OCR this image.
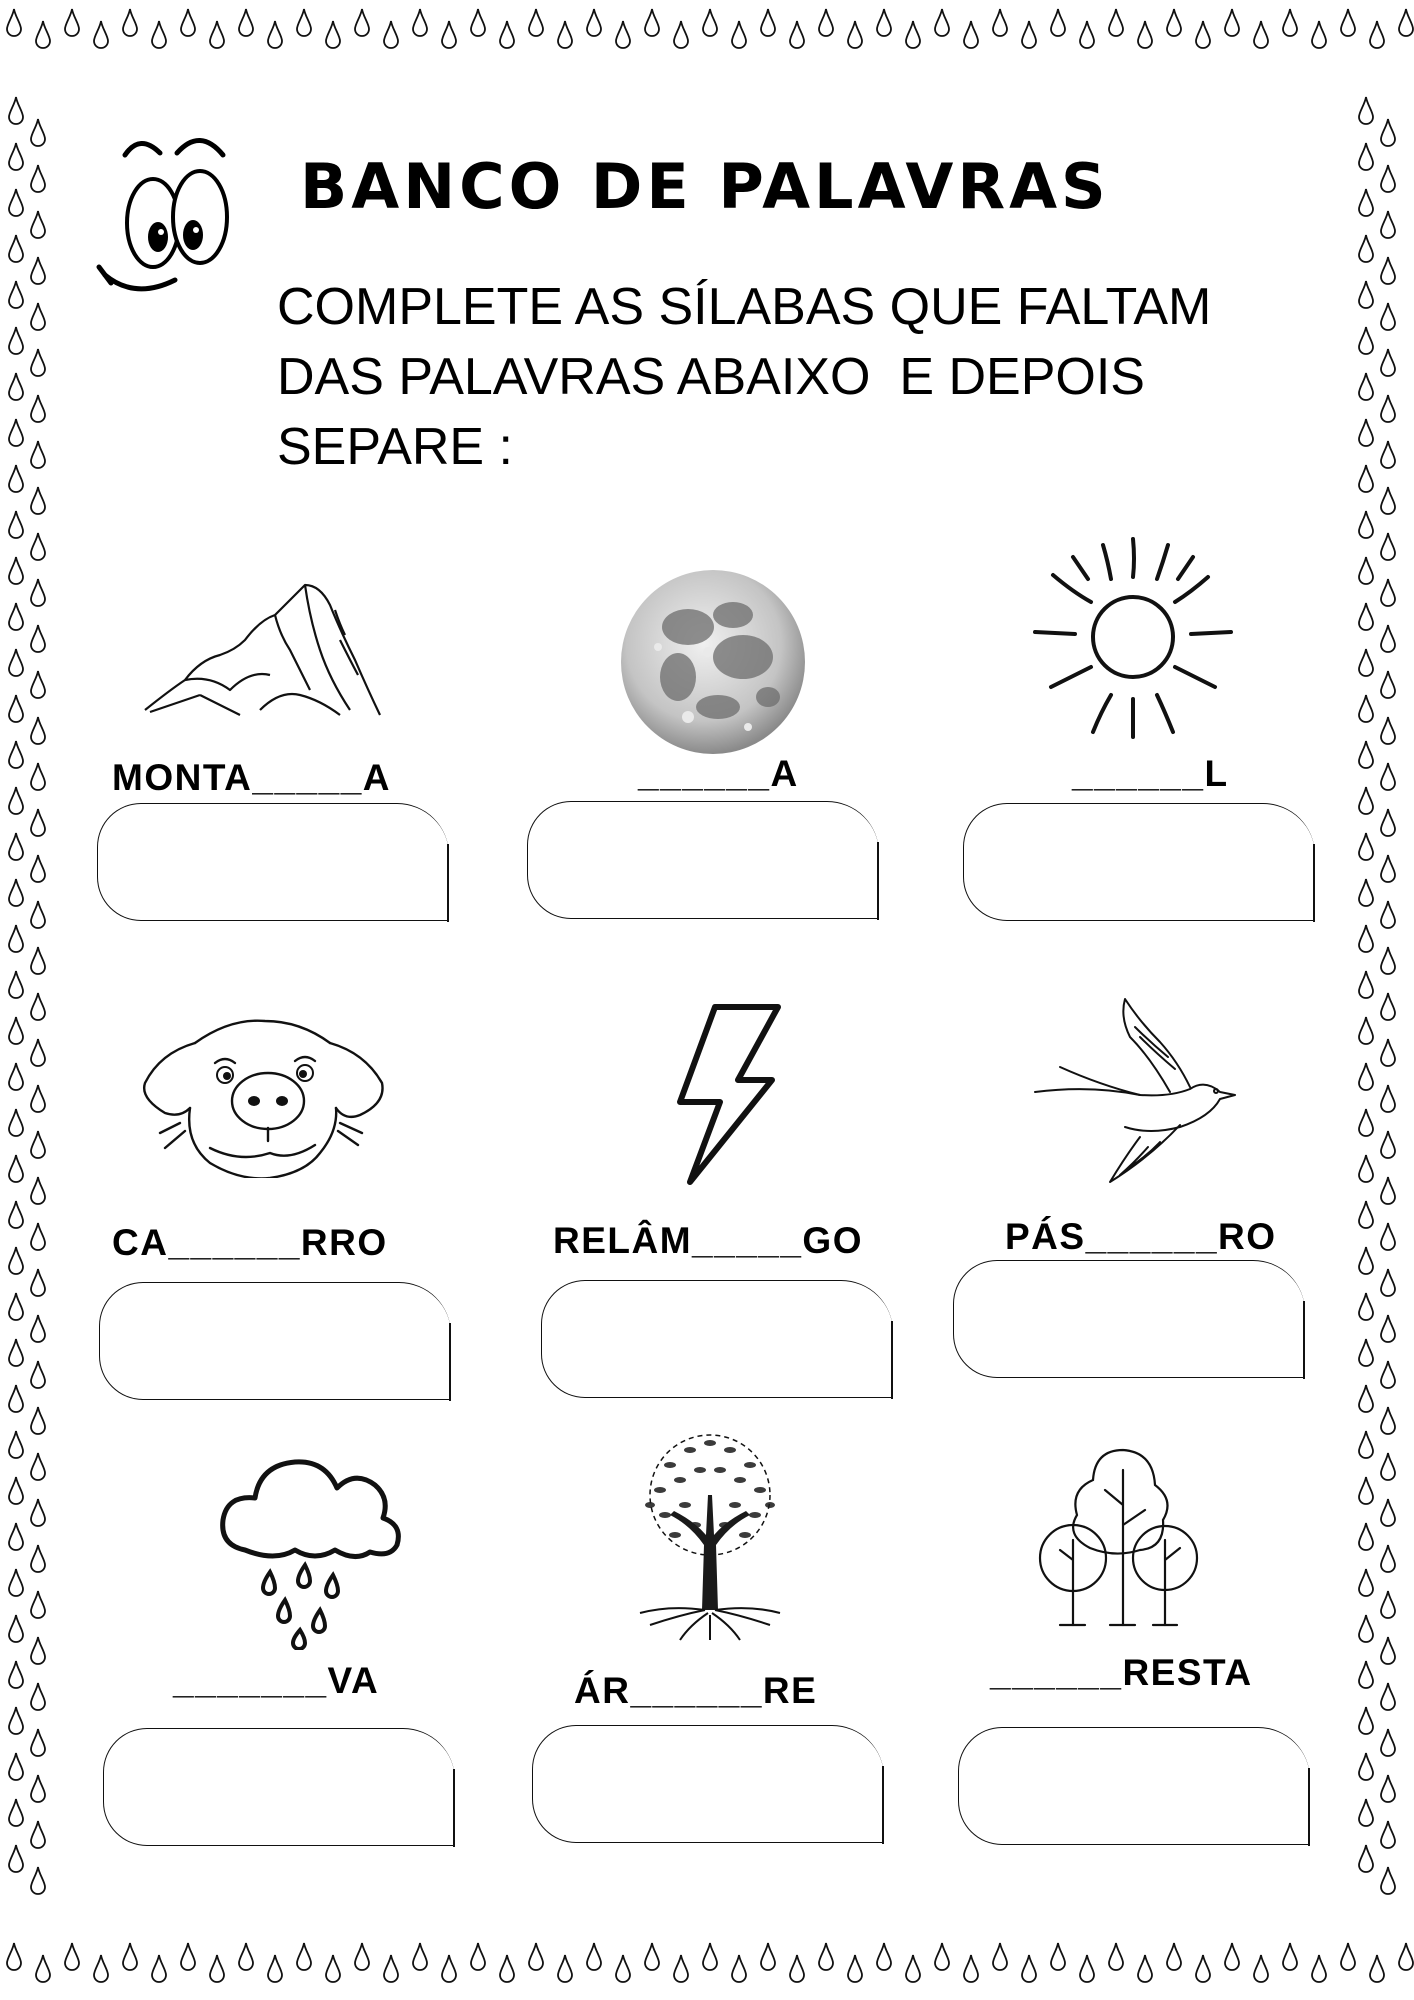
BANCO DE PALAVRAS
COMPLETE AS SÍLABAS QUE FALTAM
DAS PALAVRAS ABAIXO  E DEPOIS
SEPARE :
MONTA_____A	______A	______L
CA______RRO	RELÂM_____GO	PÁS______RO
_______VA	ÁR______RE	______RESTA
